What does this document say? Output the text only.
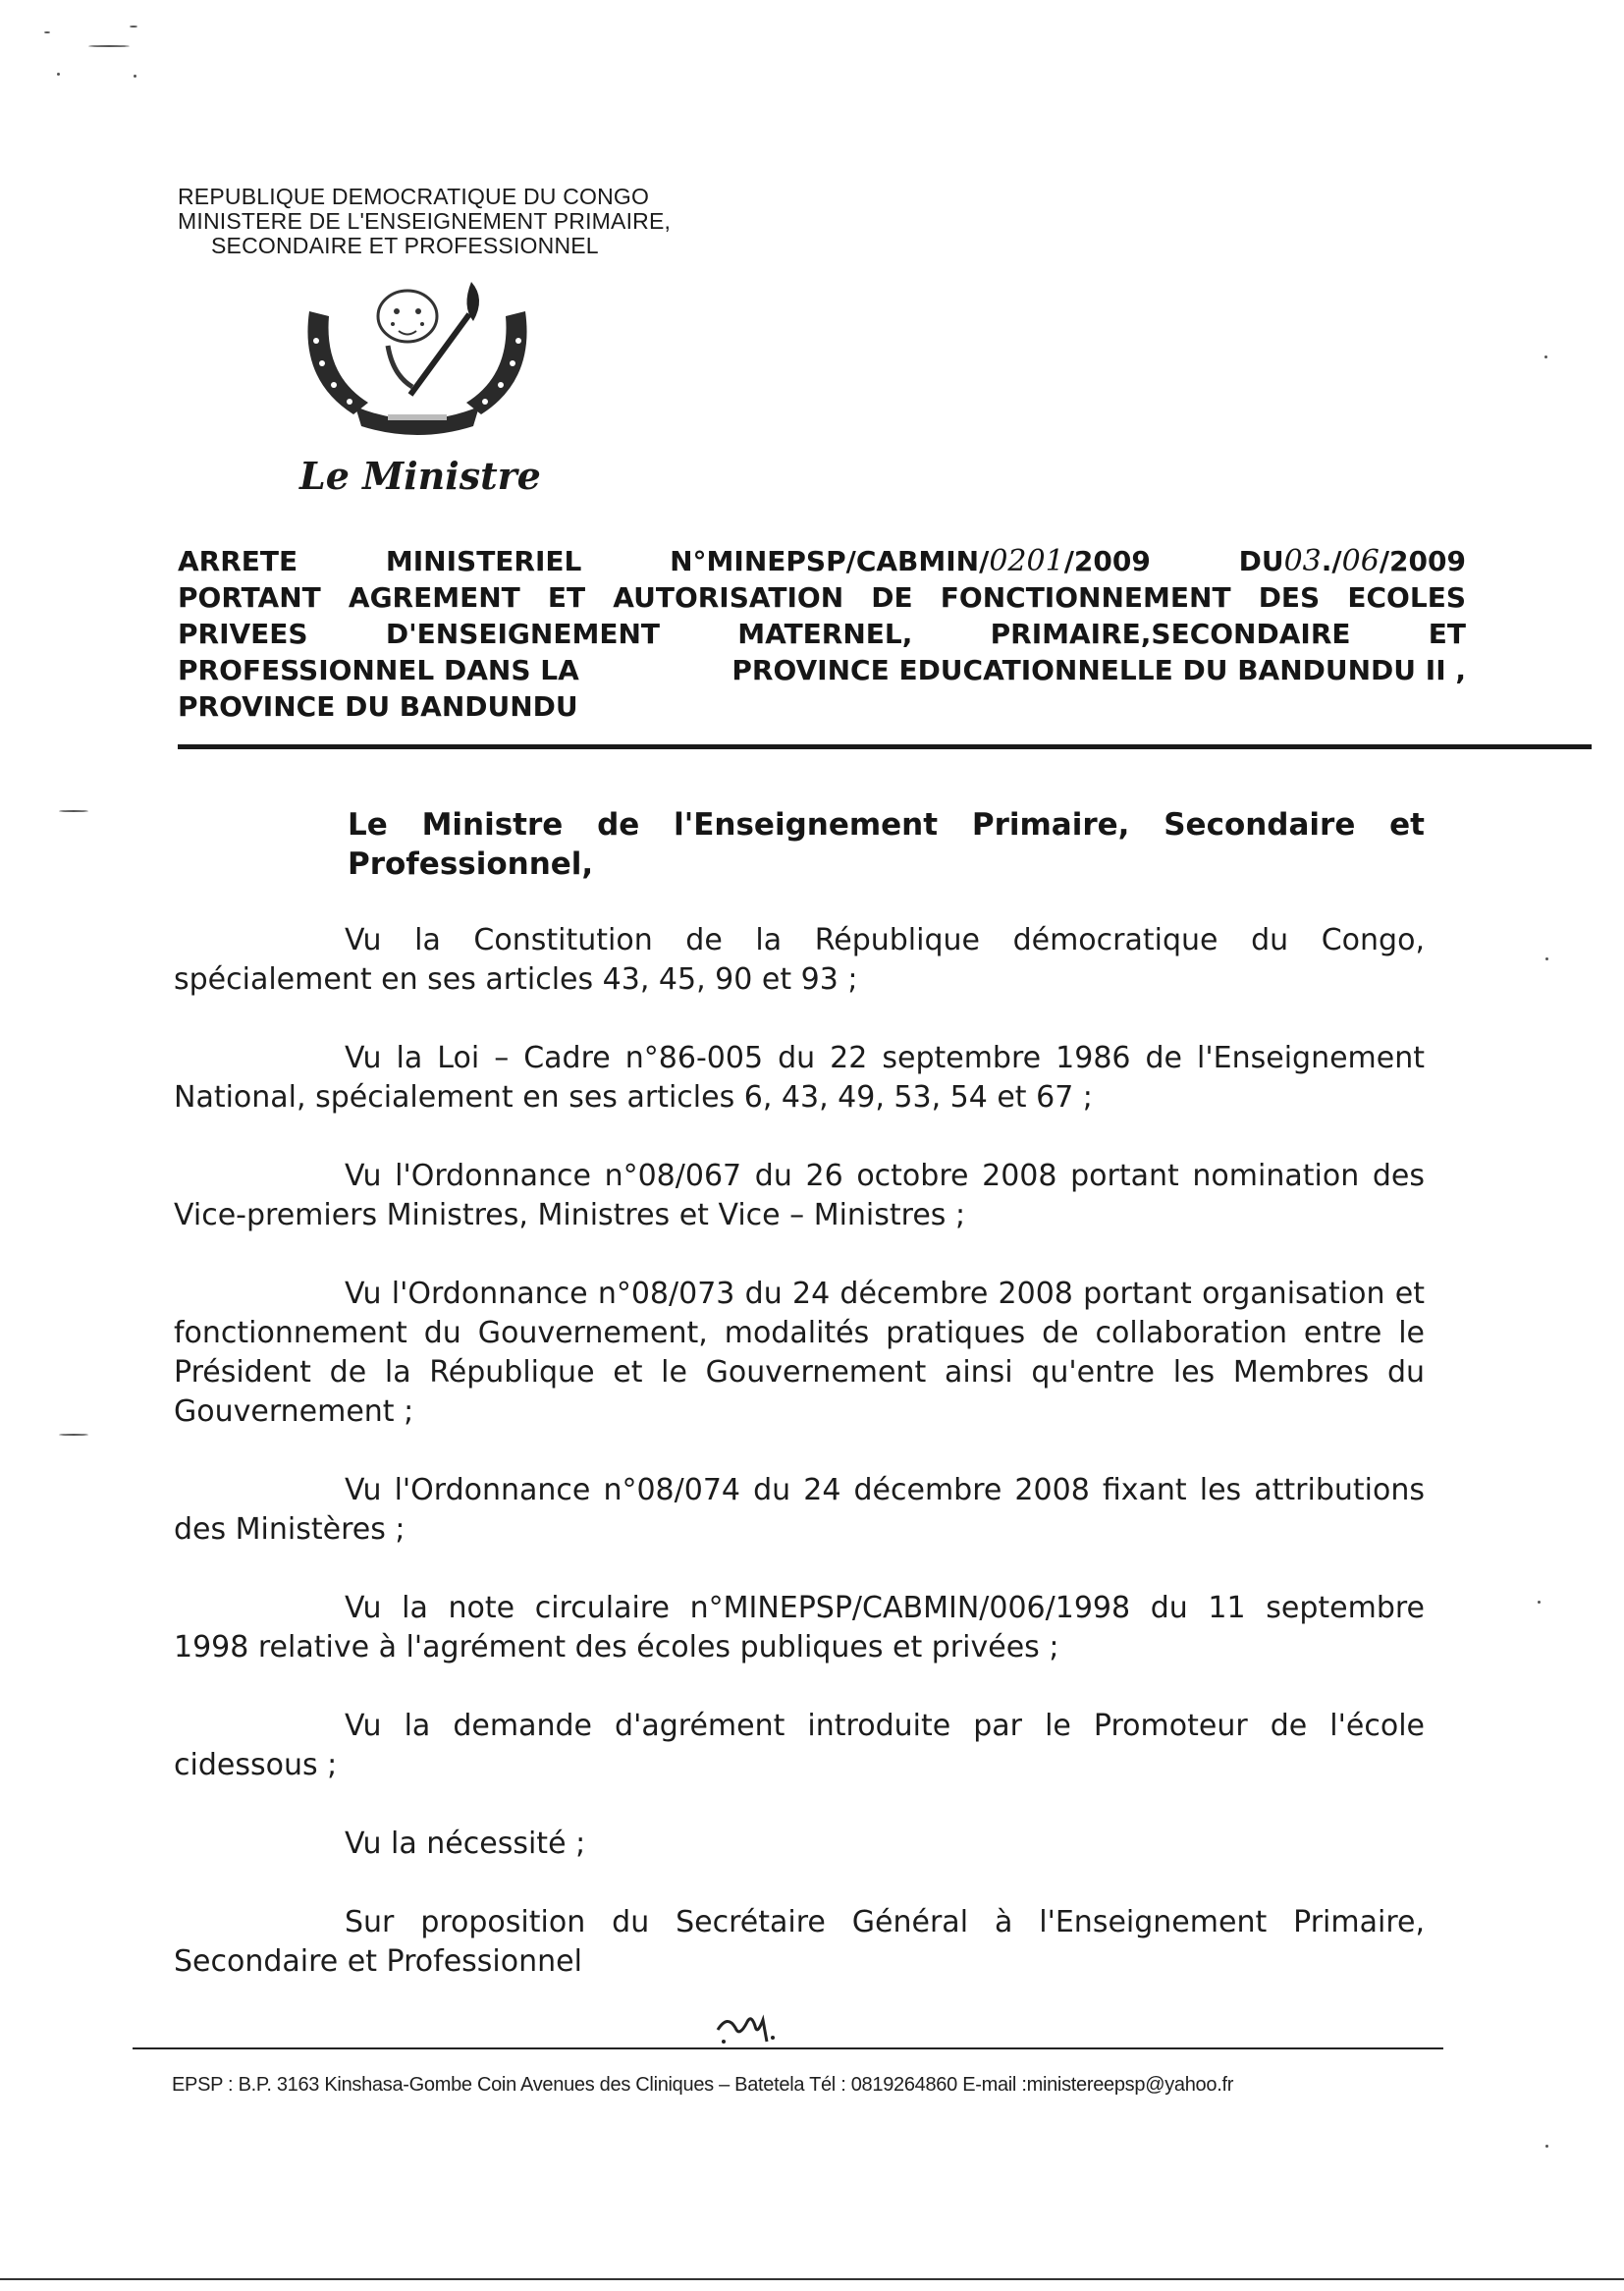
REPUBLIQUE DEMOCRATIQUE DU CONGO
MINISTERE DE L'ENSEIGNEMENT PRIMAIRE,
SECONDAIRE ET PROFESSIONNEL
Le Ministre
ARRETE	MINISTERIEL	N°MINEPSP/CABMIN/0201/2009	DU03./06/2009
PORTANT AGREMENT ET AUTORISATION DE FONCTIONNEMENT DES ECOLES
PRIVEES	D'ENSEIGNEMENT	MATERNEL,	PRIMAIRE,SECONDAIRE	ET
PROFESSIONNEL DANS LA	PROVINCE EDUCATIONNELLE DU BANDUNDU II ,
PROVINCE DU BANDUNDU
Le Ministre de l'Enseignement Primaire, Secondaire et Professionnel,

Vu la Constitution de la République démocratique du Congo, spécialement en ses articles 43, 45, 90 et 93 ;

Vu la Loi – Cadre n°86-005 du 22 septembre 1986 de l'Enseignement National, spécialement en ses articles 6, 43, 49, 53, 54 et 67 ;

Vu l'Ordonnance n°08/067 du 26 octobre 2008 portant nomination des Vice-premiers Ministres, Ministres et Vice – Ministres ;

Vu l'Ordonnance n°08/073 du 24 décembre 2008 portant organisation et fonctionnement du Gouvernement, modalités pratiques de collaboration entre le Président de la République et le Gouvernement ainsi qu'entre les Membres du Gouvernement ;

Vu l'Ordonnance n°08/074 du 24 décembre 2008 fixant les attributions des Ministères ;

Vu la note circulaire n°MINEPSP/CABMIN/006/1998 du 11 septembre 1998 relative à l'agrément des écoles publiques et privées ;

Vu la demande d'agrément introduite par le Promoteur de l'école cidessous ;

Vu la nécessité ;

Sur proposition du Secrétaire Général à l'Enseignement Primaire, Secondaire et Professionnel

EPSP : B.P. 3163 Kinshasa-Gombe Coin Avenues des Cliniques – Batetela Tél : 0819264860 E-mail :ministereepsp@yahoo.fr
